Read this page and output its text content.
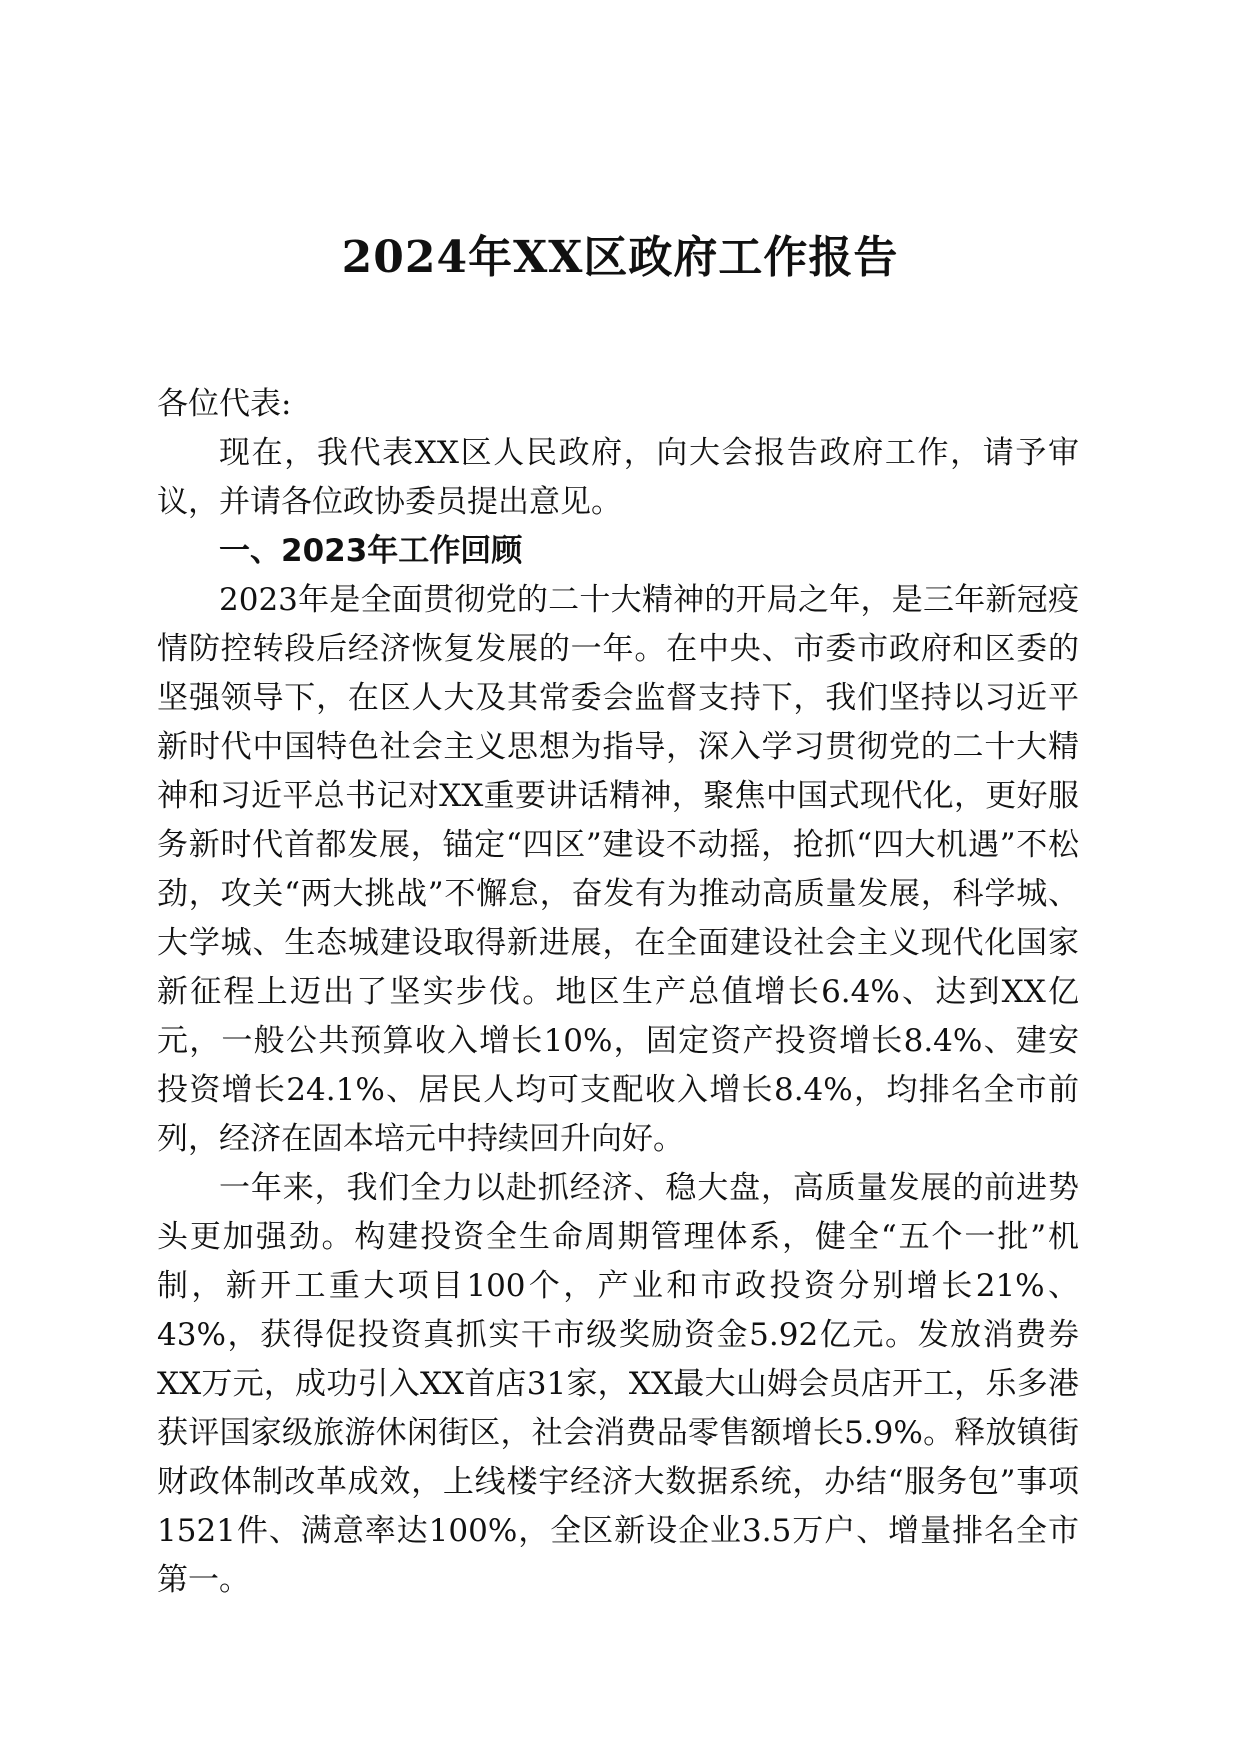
2024年XX区政府工作报告

各位代表:

现在，我代表XX区人民政府，向大会报告政府工作，请予审议，并请各位政协委员提出意见。

一、2023年工作回顾

2023年是全面贯彻党的二十大精神的开局之年，是三年新冠疫情防控转段后经济恢复发展的一年。在中央、市委市政府和区委的坚强领导下，在区人大及其常委会监督支持下，我们坚持以习近平新时代中国特色社会主义思想为指导，深入学习贯彻党的二十大精神和习近平总书记对XX重要讲话精神，聚焦中国式现代化，更好服务新时代首都发展，锚定“四区”建设不动摇，抢抓“四大机遇”不松劲，攻关“两大挑战”不懈怠，奋发有为推动高质量发展，科学城、大学城、生态城建设取得新进展，在全面建设社会主义现代化国家新征程上迈出了坚实步伐。地区生产总值增长6.4%、达到XX亿元，一般公共预算收入增长10%，固定资产投资增长8.4%、建安投资增长24.1%、居民人均可支配收入增长8.4%，均排名全市前列，经济在固本培元中持续回升向好。

一年来，我们全力以赴抓经济、稳大盘，高质量发展的前进势头更加强劲。构建投资全生命周期管理体系，健全“五个一批”机制，新开工重大项目100个，产业和市政投资分别增长21%、43%，获得促投资真抓实干市级奖励资金5.92亿元。发放消费券XX万元，成功引入XX首店31家，XX最大山姆会员店开工，乐多港获评国家级旅游休闲街区，社会消费品零售额增长5.9%。释放镇街财政体制改革成效，上线楼宇经济大数据系统，办结“服务包”事项1521件、满意率达100%，全区新设企业3.5万户、增量排名全市第一。
